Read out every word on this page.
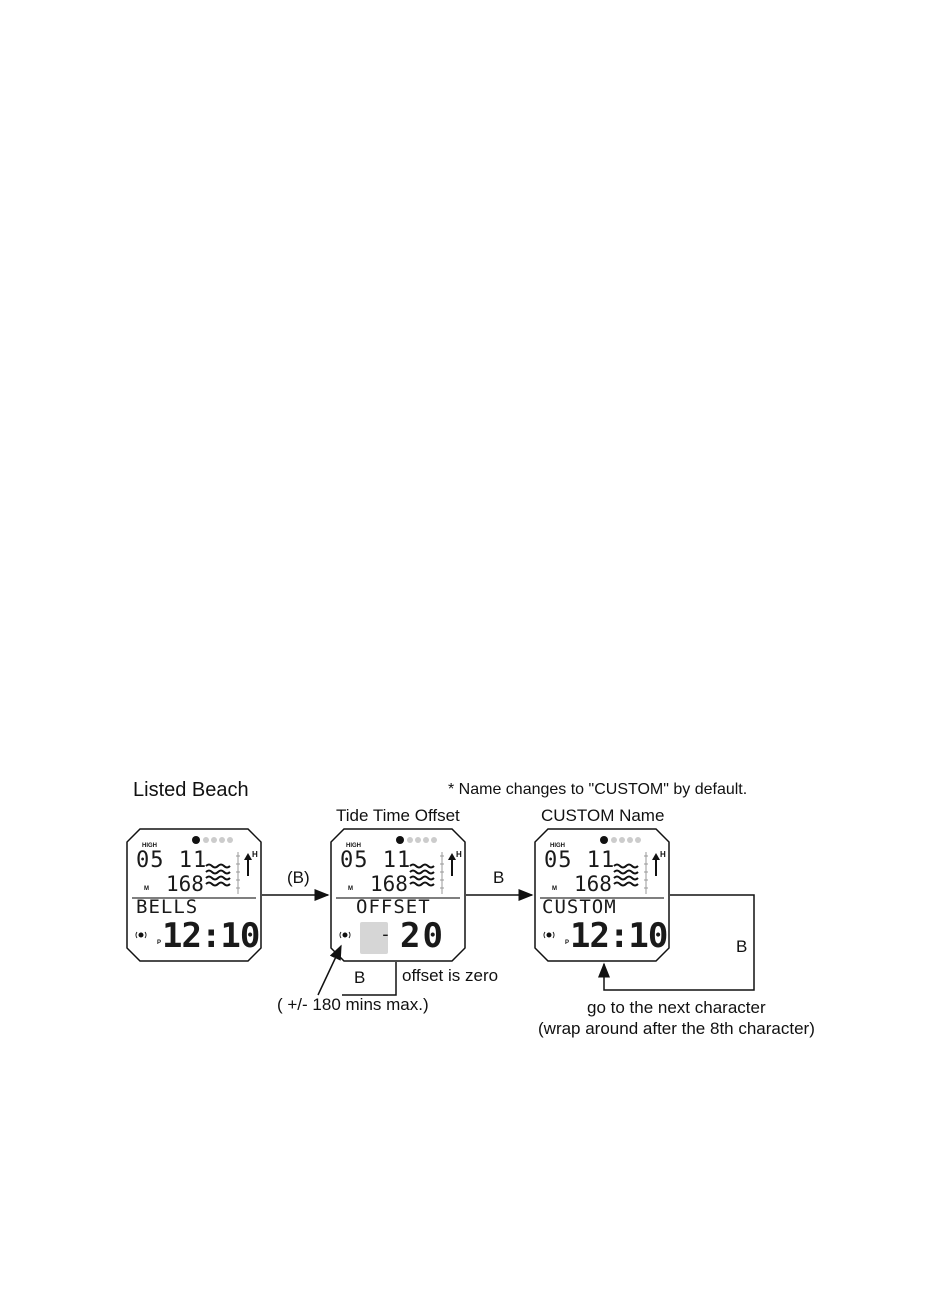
Listed Beach	* Name changes to "CUSTOM" by default.
Tide Time Offset	CUSTOM Name
HIGH
M
H
P
05 11
168
BELLS
12:10
HIGH
M
H
05 11
168
OFFSET
- 20
HIGH
M
H
P
05 11
168
CUSTOM
12:10
(B)	B
B offset is zero
( +/- 180 mins max.)
B
go to the next character
(wrap around after the 8th character)
